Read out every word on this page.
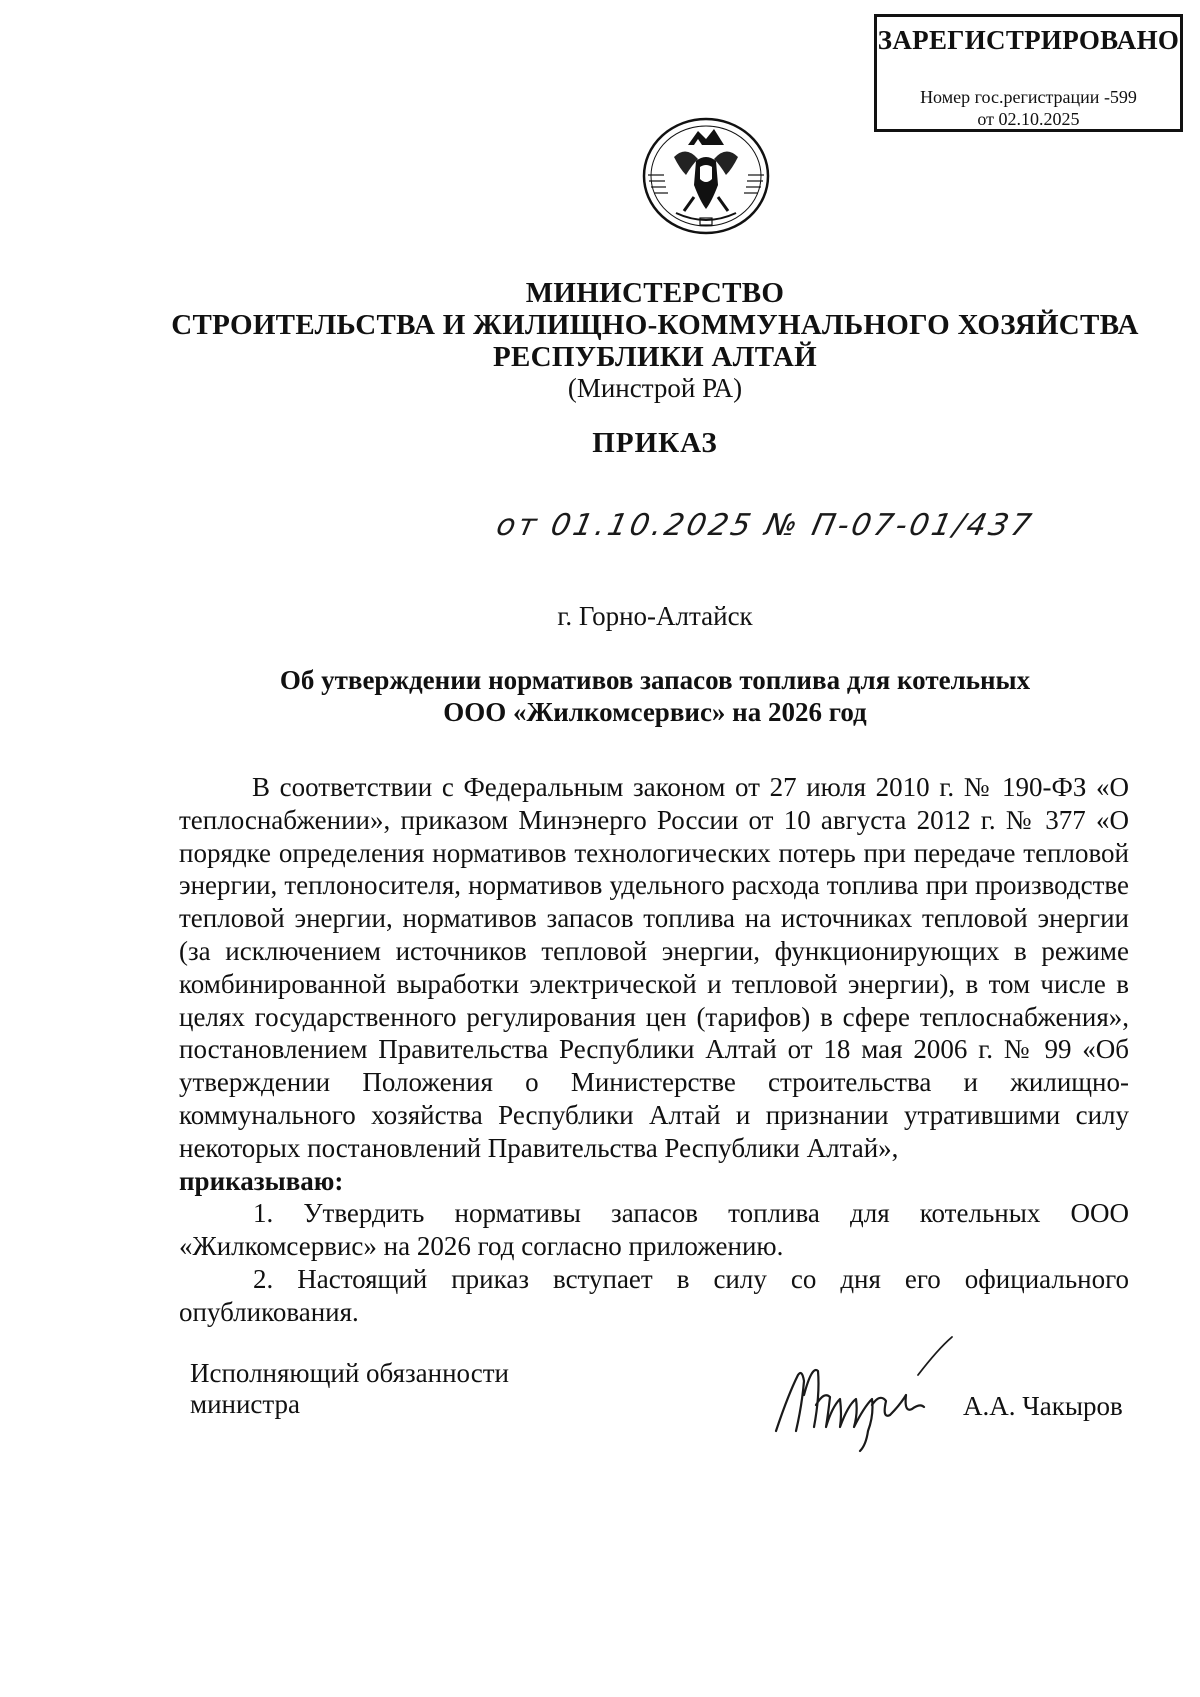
ЗАРЕГИСТРИРОВАНО
Номер гос.регистрации -599
от 02.10.2025
МИНИСТЕРСТВО
СТРОИТЕЛЬСТВА И ЖИЛИЩНО-КОММУНАЛЬНОГО ХОЗЯЙСТВА
РЕСПУБЛИКИ АЛТАЙ
(Минстрой РА)
ПРИКАЗ
от 01.10.2025 № П-07-01/437
г. Горно-Алтайск
Об утверждении нормативов запасов топлива для котельных
ООО «Жилкомсервис» на 2026 год

В соответствии с Федеральным законом от 27 июля 2010 г. № 190-ФЗ «О теплоснабжении», приказом Минэнерго России от 10 августа 2012 г. № 377 «О порядке определения нормативов технологических потерь при передаче тепловой энергии, теплоносителя, нормативов удельного расхода топлива при производстве тепловой энергии, нормативов запасов топлива на источниках тепловой энергии (за исключением источников тепловой энергии, функционирующих в режиме комбинированной выработки электрической и тепловой энергии), в том числе в целях государственного регулирования цен (тарифов) в сфере теплоснабжения», постановлением Правительства Республики Алтай от 18 мая 2006 г. № 99 «Об утверждении Положения о Министерстве строительства и жилищно-коммунального хозяйства Республики Алтай и признании утратившими силу некоторых постановлений Правительства Республики Алтай»,

приказываю:

1. Утвердить нормативы запасов топлива для котельных ООО «Жилкомсервис» на 2026 год согласно приложению.

2. Настоящий приказ вступает в силу со дня его официального опубликования.

Исполняющий обязанности
министра	А.А. Чакыров
